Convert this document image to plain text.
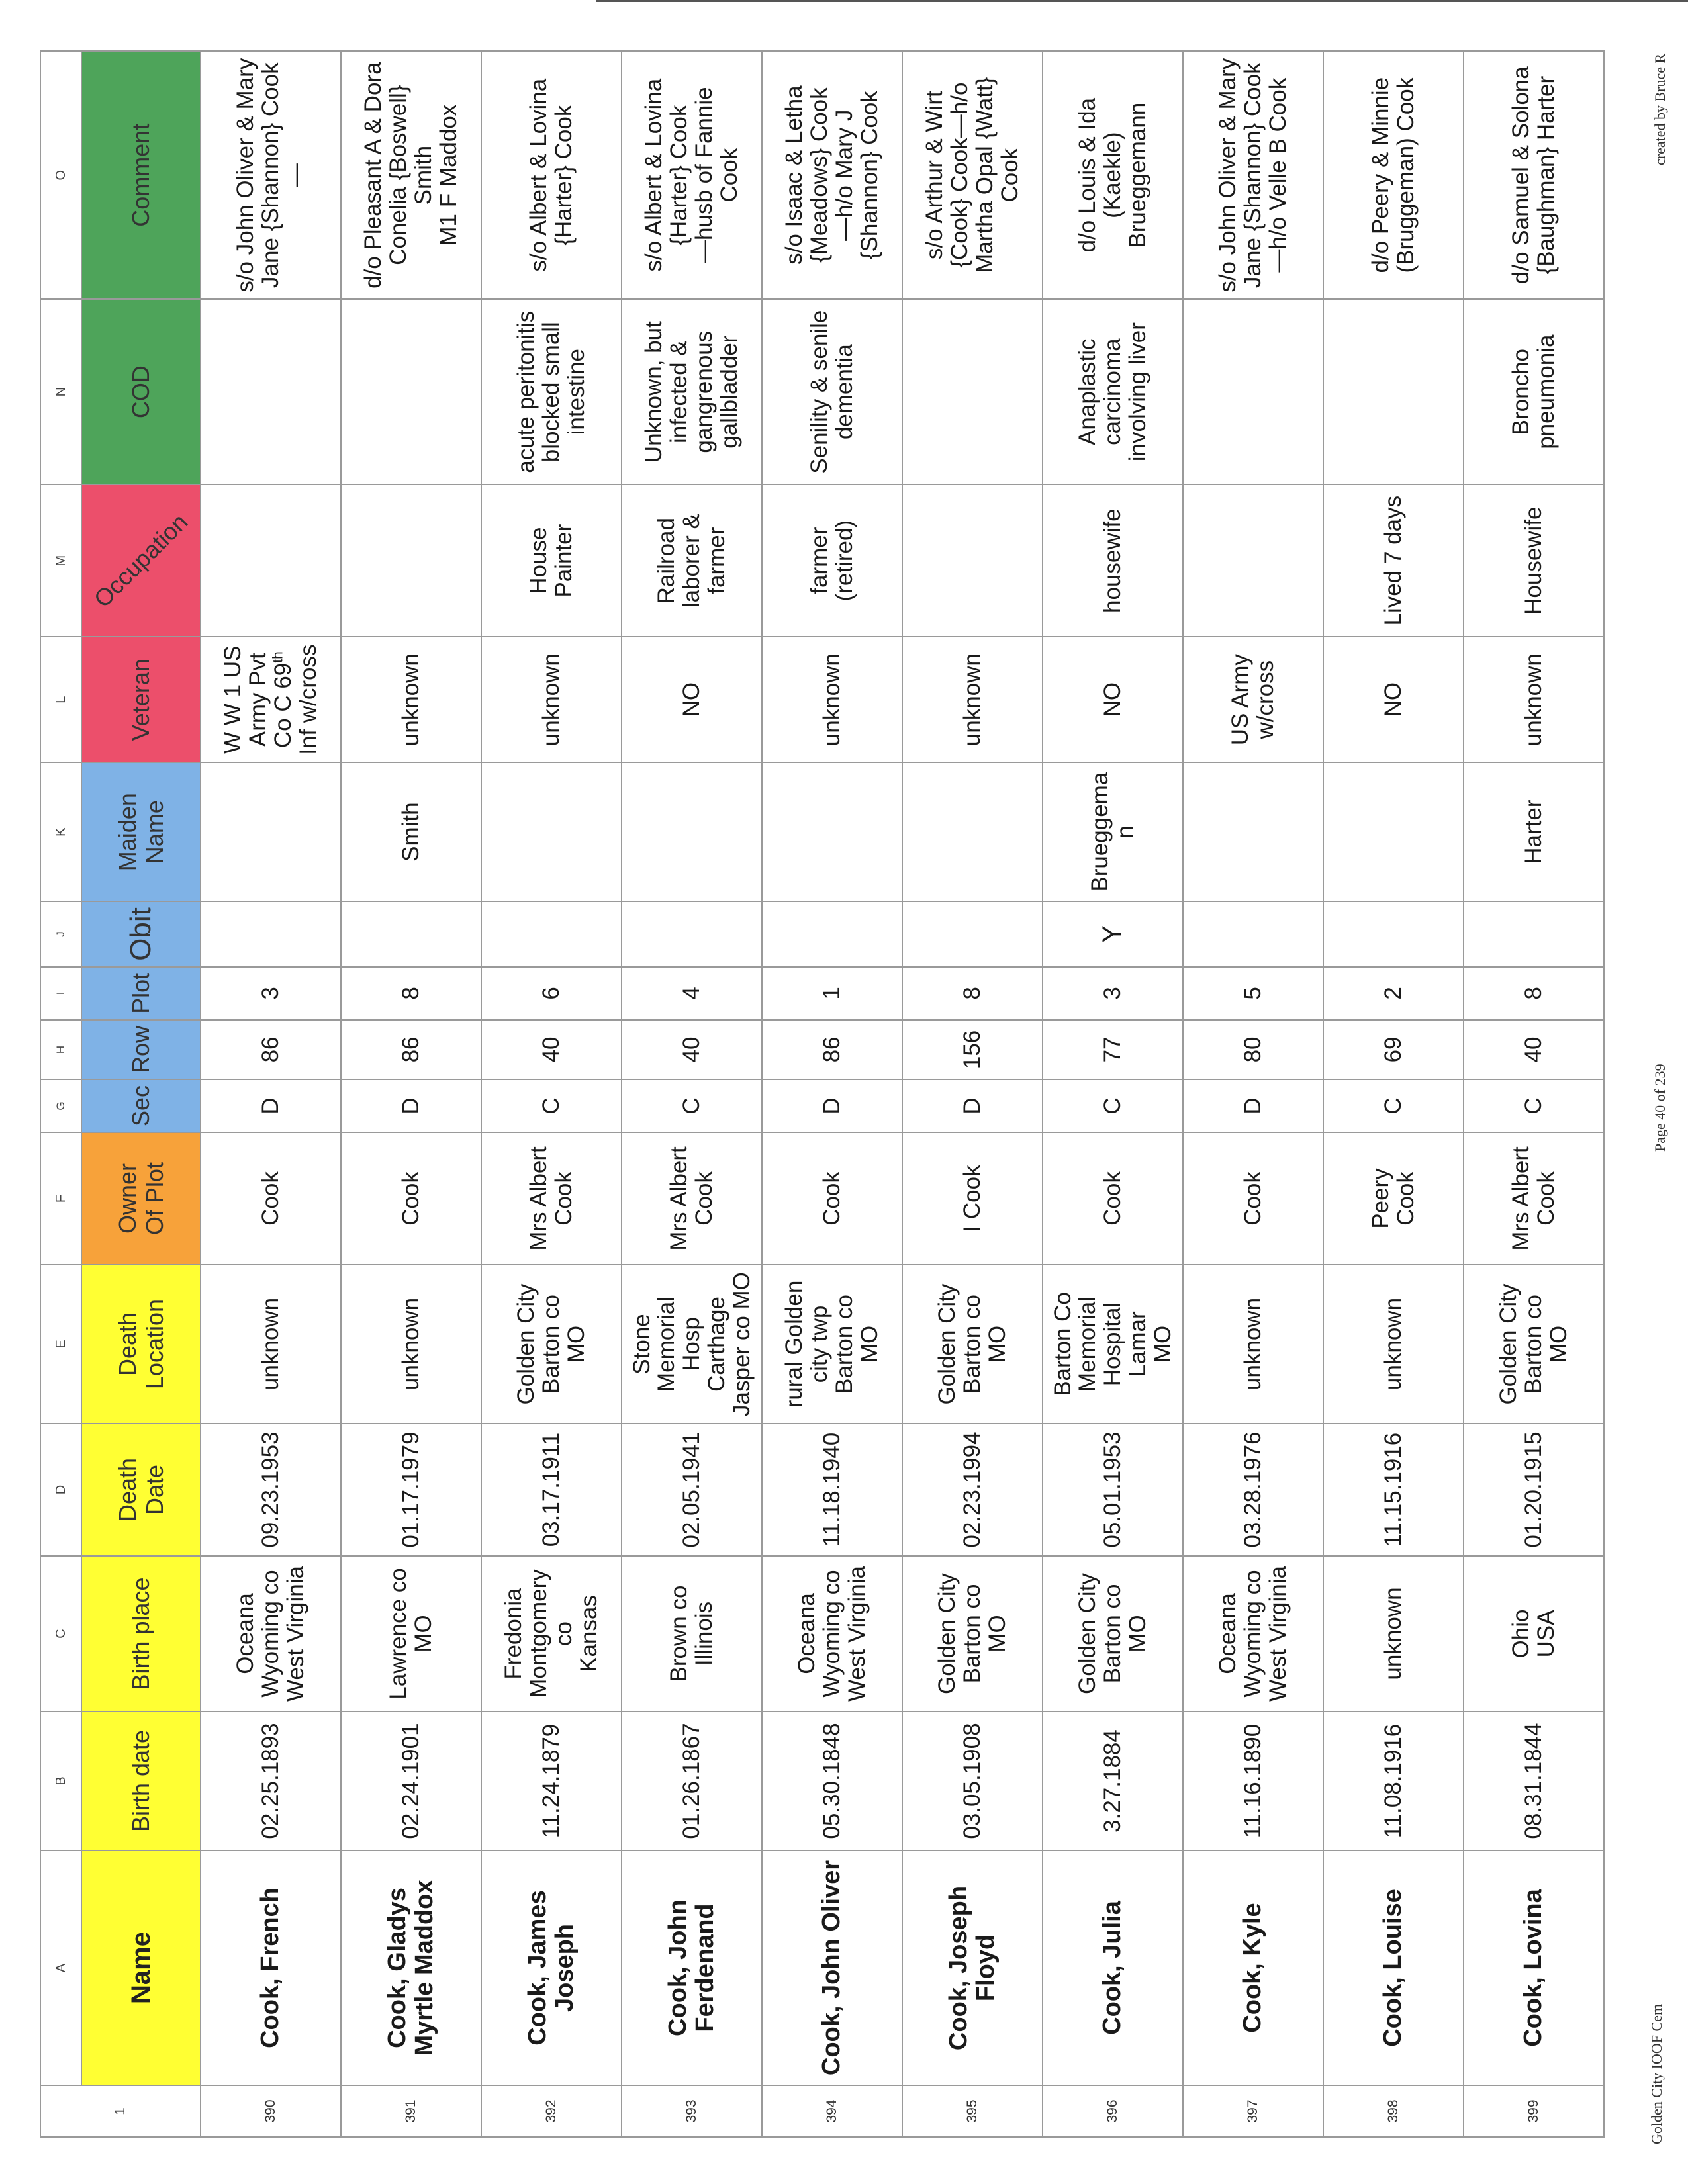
1	A	B	C	D	E	F	G	H	I	J	K	L	M	N	O
	Name	Birth date	Birth place	Death Date	Death
Location	Owner
Of Plot	Sec	Row	Plot	Obit	Maiden
Name	Veteran	Occupation	COD	Comment
390	Cook, French	02.25.1893	Oceana
Wyoming co
West Virginia	09.23.1953	unknown	Cook	D	86	3			W W 1 US
Army Pvt
Co C 69th Inf w/cross			s/o John Oliver & Mary
Jane {Shannon} Cook
—
391	Cook, Gladys
Myrtle Maddox	02.24.1901	Lawrence co
MO	01.17.1979	unknown	Cook	D	86	8		Smith	unknown			d/o Pleasant A & Dora
Conelia {Boswell}
Smith
M1 F Maddox
392	Cook, James
Joseph	11.24.1879	Fredonia
Montgomery
co
Kansas	03.17.1911	Golden City
Barton co
MO	Mrs Albert
Cook	C	40	6			unknown	House
Painter	acute peritonitis
blocked small
intestine	s/o Albert & Lovina
{Harter} Cook
393	Cook, John
Ferdenand	01.26.1867	Brown co
Illinois	02.05.1941	Stone
Memorial
Hosp
Carthage
Jasper co MO	Mrs Albert
Cook	C	40	4			NO	Railroad
laborer &
farmer	Unknown, but
infected &
gangrenous
gallbladder	s/o Albert & Lovina
{Harter} Cook
—husb of Fannie
Cook
394	Cook, John Oliver	05.30.1848	Oceana
Wyoming co
West Virginia	11.18.1940	rural Golden
city twp
Barton co
MO	Cook	D	86	1			unknown	farmer
(retired)	Senility & senile
dementia	s/o Isaac & Letha
{Meadows} Cook
—h/o Mary J
{Shannon} Cook
395	Cook, Joseph
Floyd	03.05.1908	Golden City
Barton co
MO	02.23.1994	Golden City
Barton co
MO	I Cook	D	156	8			unknown			s/o Arthur & Wirt
{Cook} Cook—h/o
Martha Opal {Watt}
Cook
396	Cook, Julia	3.27.1884	Golden City
Barton co
MO	05.01.1953	Barton Co
Memorial
Hospital
Lamar
MO	Cook	C	77	3	Y	Brueggema
n	NO	housewife	Anaplastic
carcinoma
involving liver	d/o Louis & Ida
(Kaekle)
Brueggemann
397	Cook, Kyle	11.16.1890	Oceana
Wyoming co
West Virginia	03.28.1976	unknown	Cook	D	80	5			US Army
w/cross			s/o John Oliver & Mary
Jane {Shannon} Cook
—h/o Velle B Cook
398	Cook, Louise	11.08.1916	unknown	11.15.1916	unknown	Peery Cook	C	69	2			NO	Lived 7 days		d/o Peery & Minnie
(Bruggeman) Cook
399	Cook, Lovina	08.31.1844	Ohio
USA	01.20.1915	Golden City
Barton co
MO	Mrs Albert
Cook	C	40	8		Harter	unknown	Housewife	Broncho
pneumonia	d/o Samuel & Solona
{Baughman} Harter
Golden City IOOF Cem
Page 40 of 239
created by Bruce R
